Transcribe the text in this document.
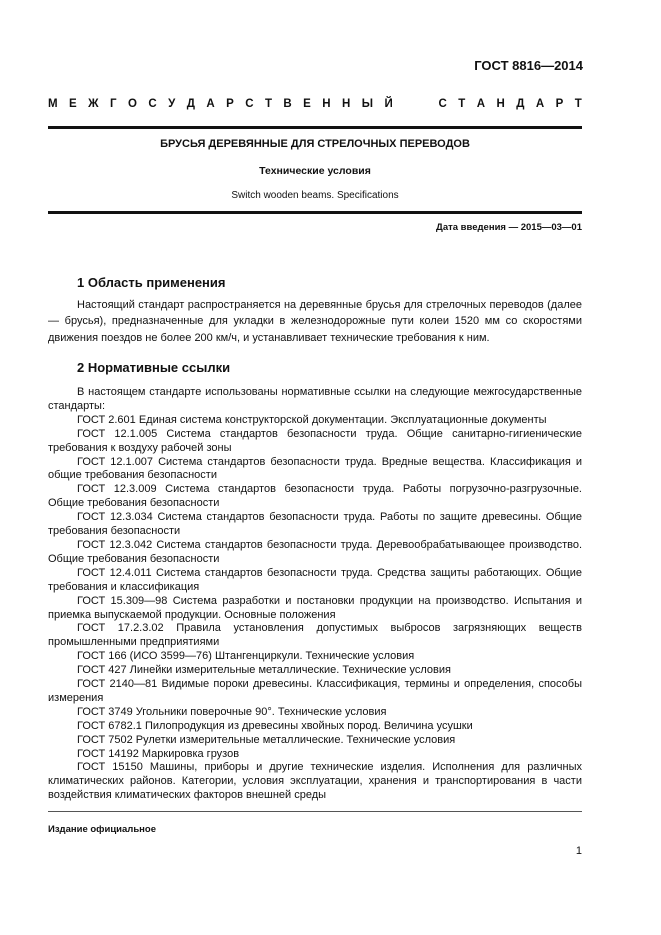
ГОСТ 8816—2014
М Е Ж Г О С У Д А Р С Т В Е Н Н Ы Й	С Т А Н Д А Р Т
БРУСЬЯ ДЕРЕВЯННЫЕ ДЛЯ СТРЕЛОЧНЫХ ПЕРЕВОДОВ
Технические условия
Switch wooden beams. Specifications
Дата введения — 2015—03—01
1 Область применения

Настоящий стандарт распространяется на деревянные брусья для стрелочных переводов (далее — брусья), предназначенные для укладки в железнодорожные пути колеи 1520 мм со скоростями движения поездов не более 200 км/ч, и устанавливает технические требования к ним.

2 Нормативные ссылки

В настоящем стандарте использованы нормативные ссылки на следующие межгосударственные стандарты:

ГОСТ 2.601 Единая система конструкторской документации. Эксплуатационные документы

ГОСТ 12.1.005 Система стандартов безопасности труда. Общие санитарно-гигиенические требования к воздуху рабочей зоны

ГОСТ 12.1.007 Система стандартов безопасности труда. Вредные вещества. Классификация и общие требования безопасности

ГОСТ 12.3.009 Система стандартов безопасности труда. Работы погрузочно-разгрузочные. Общие требования безопасности

ГОСТ 12.3.034 Система стандартов безопасности труда. Работы по защите древесины. Общие требования безопасности

ГОСТ 12.3.042 Система стандартов безопасности труда. Деревообрабатывающее производство. Общие требования безопасности

ГОСТ 12.4.011 Система стандартов безопасности труда. Средства защиты работающих. Общие требования и классификация

ГОСТ 15.309—98 Система разработки и постановки продукции на производство. Испытания и приемка выпускаемой продукции. Основные положения

ГОСТ 17.2.3.02 Правила установления допустимых выбросов загрязняющих веществ промышленными предприятиями

ГОСТ 166 (ИСО 3599—76) Штангенциркули. Технические условия

ГОСТ 427 Линейки измерительные металлические. Технические условия

ГОСТ 2140—81 Видимые пороки древесины. Классификация, термины и определения, способы измерения

ГОСТ 3749 Угольники поверочные 90°. Технические условия

ГОСТ 6782.1 Пилопродукция из древесины хвойных пород. Величина усушки

ГОСТ 7502 Рулетки измерительные металлические. Технические условия

ГОСТ 14192 Маркировка грузов

ГОСТ 15150 Машины, приборы и другие технические изделия. Исполнения для различных климатических районов. Категории, условия эксплуатации, хранения и транспортирования в части воздействия климатических факторов внешней среды

Издание официальное
1
